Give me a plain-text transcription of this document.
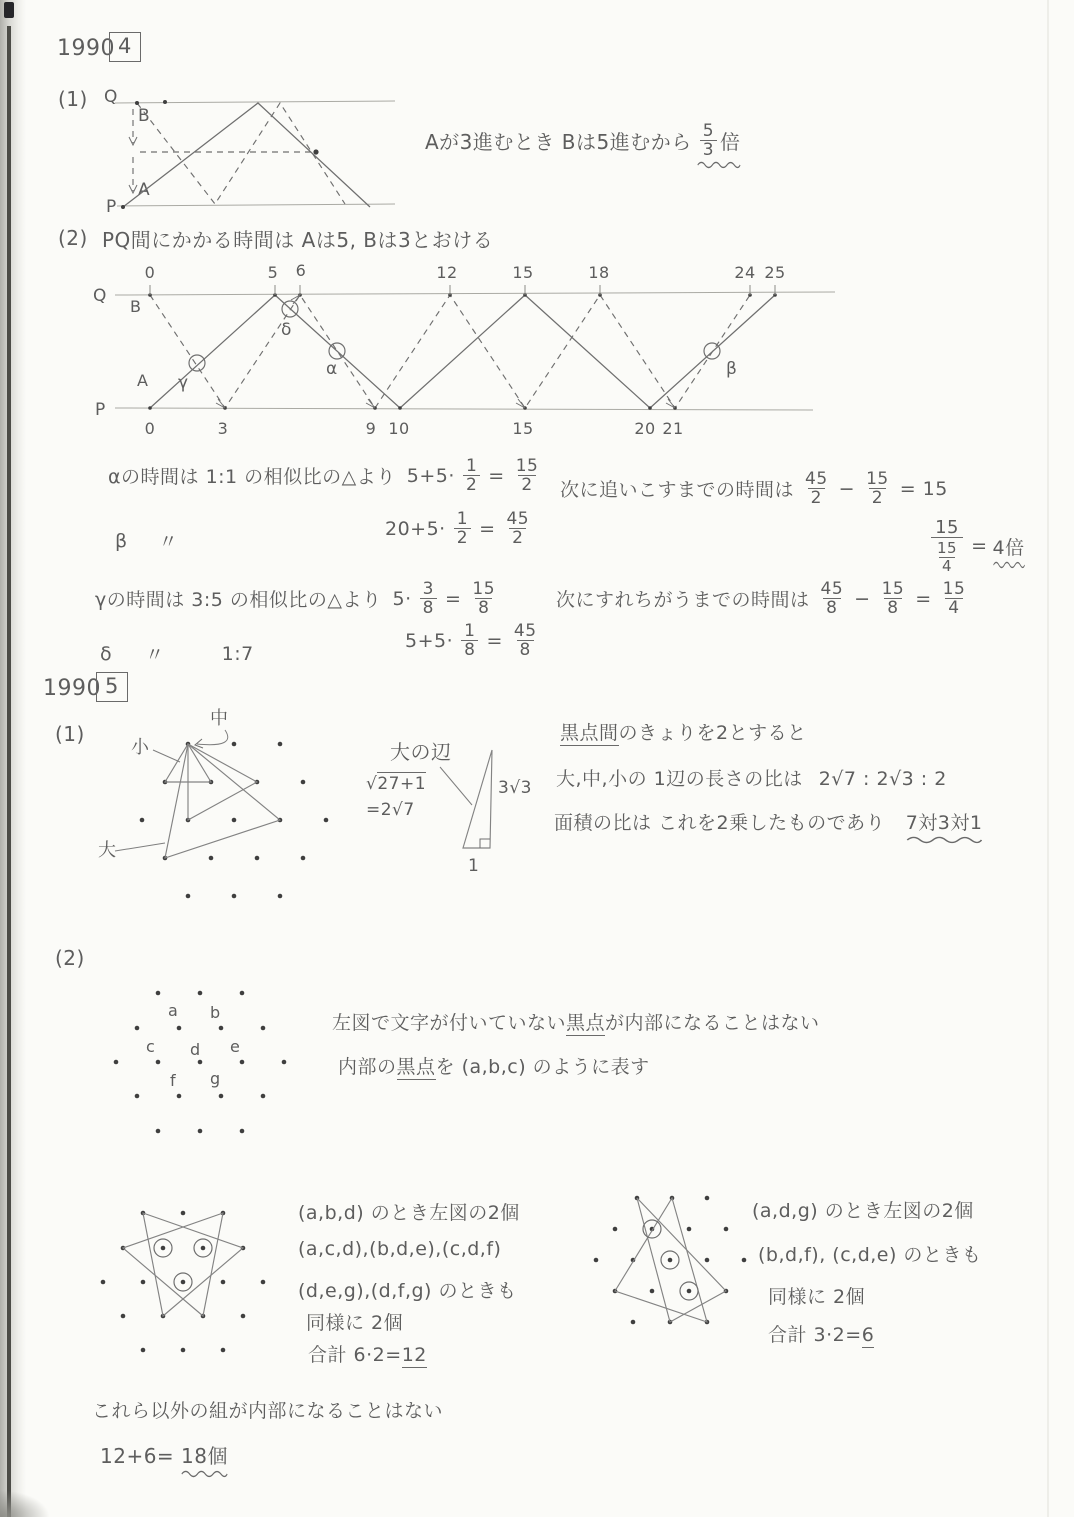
1990 4
(1) Q
P
B
A
Aが3進むとき Bは5進むから $\frac{5}{3}$ 倍
(2) PQ間にかかる時間は Aは5, Bは3とおける
Q
P
B
A
0	5 6	12	15	18	24 25
0	3	9 10	15	20 21
γ
δ
α	β
αの時間は 1:1 の相似比の△より $5+5\cdot \frac{1}{2} = \frac{15}{2}$
β 〃
$20+5\cdot \frac{1}{2} = \frac{45}{2}$
γの時間は 3:5 の相似比の△より $5\cdot \frac{3}{8} = \frac{15}{8}$
δ 〃	1:7
$5+5\cdot \frac{1}{8} = \frac{45}{8}$
次に追いこすまでの時間は $\frac{45}{2} - \frac{15}{2} = 15$
$\frac{15}{\frac{15}{4}} = 4$倍
次にすれちがうまでの時間は $\frac{45}{8} - \frac{15}{8} = \frac{15}{4}$
1990 5
(1)
中
小
大
大の辺
√27+1
=2√7
3√3
1
黒点間のきょりを2とすると
大,中,小の 1辺の長さの比は 2√7 : 2√3 : 2
面積の比は これを2乗したものであり 7対3対1
(2)
a b
c d e
f g
左図で文字が付いていない黒点が内部になることはない
内部の黒点を (a,b,c) のように表す
(a,b,d) のとき左図の2個
(a,c,d),(b,d,e),(c,d,f)
(d,e,g),(d,f,g) のときも
同様に 2個
合計 6·2=12
(a,d,g) のとき左図の2個
(b,d,f), (c,d,e) のときも
同様に 2個
合計 3·2=6
これら以外の組が内部になることはない
12+6= 18個
